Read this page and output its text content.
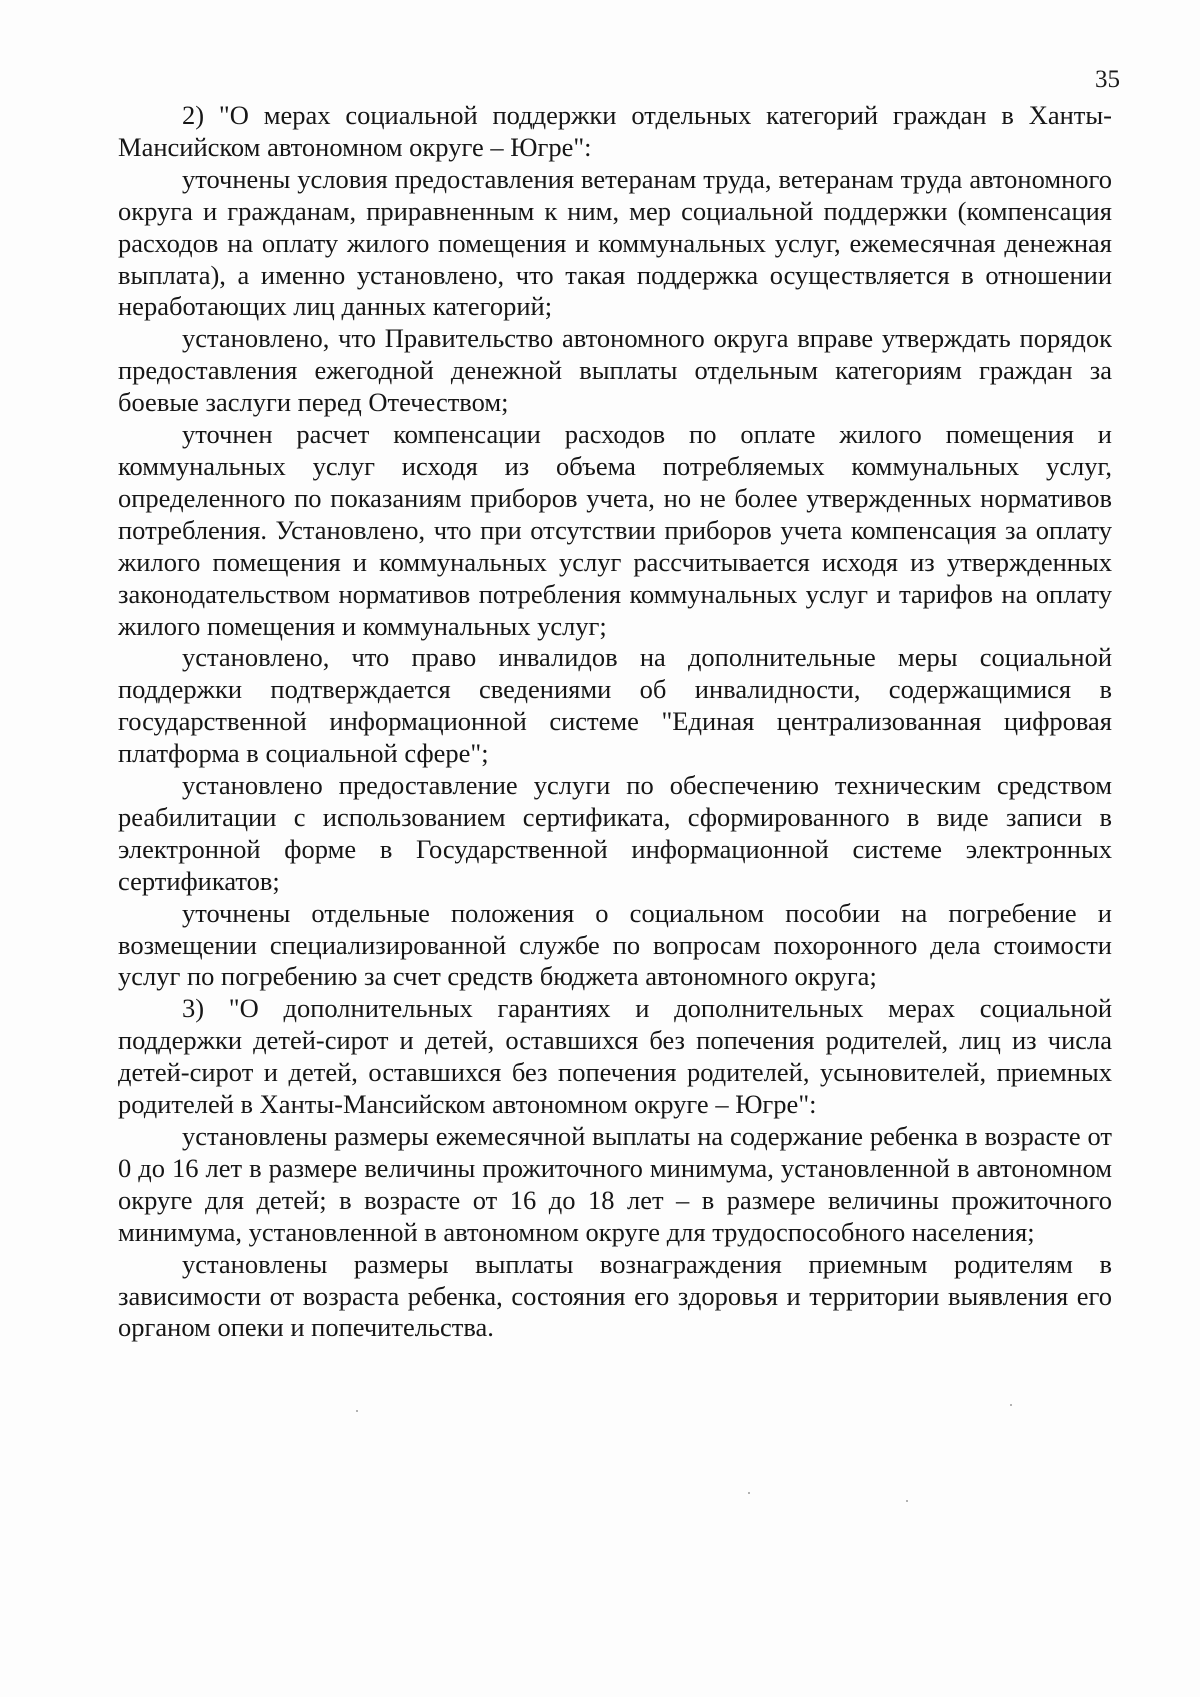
35

2) "О мерах социальной поддержки отдельных категорий граждан в Ханты-Мансийском автономном округе – Югре":

уточнены условия предоставления ветеранам труда, ветеранам труда автономного округа и гражданам, приравненным к ним, мер социальной поддержки (компенсация расходов на оплату жилого помещения и коммунальных услуг, ежемесячная денежная выплата), а именно установлено, что такая поддержка осуществляется в отношении неработающих лиц данных категорий;

установлено, что Правительство автономного округа вправе утверждать порядок предоставления ежегодной денежной выплаты отдельным категориям граждан за боевые заслуги перед Отечеством;

уточнен расчет компенсации расходов по оплате жилого помещения и коммунальных услуг исходя из объема потребляемых коммунальных услуг, определенного по показаниям приборов учета, но не более утвержденных нормативов потребления. Установлено, что при отсутствии приборов учета компенсация за оплату жилого помещения и коммунальных услуг рассчитывается исходя из утвержденных законодательством нормативов потребления коммунальных услуг и тарифов на оплату жилого помещения и коммунальных услуг;

установлено, что право инвалидов на дополнительные меры социальной поддержки подтверждается сведениями об инвалидности, содержащимися в государственной информационной системе "Единая централизованная цифровая платформа в социальной сфере";

установлено предоставление услуги по обеспечению техническим средством реабилитации с использованием сертификата, сформированного в виде записи в электронной форме в Государственной информационной системе электронных сертификатов;

уточнены отдельные положения о социальном пособии на погребение и возмещении специализированной службе по вопросам похоронного дела стоимости услуг по погребению за счет средств бюджета автономного округа;

3) "О дополнительных гарантиях и дополнительных мерах социальной поддержки детей-сирот и детей, оставшихся без попечения родителей, лиц из числа детей-сирот и детей, оставшихся без попечения родителей, усыновителей, приемных родителей в Ханты-Мансийском автономном округе – Югре":

установлены размеры ежемесячной выплаты на содержание ребенка в возрасте от 0 до 16 лет в размере величины прожиточного минимума, установленной в автономном округе для детей; в возрасте от 16 до 18 лет – в размере величины прожиточного минимума, установленной в автономном округе для трудоспособного населения;

установлены размеры выплаты вознаграждения приемным родителям в зависимости от возраста ребенка, состояния его здоровья и территории выявления его органом опеки и попечительства.
